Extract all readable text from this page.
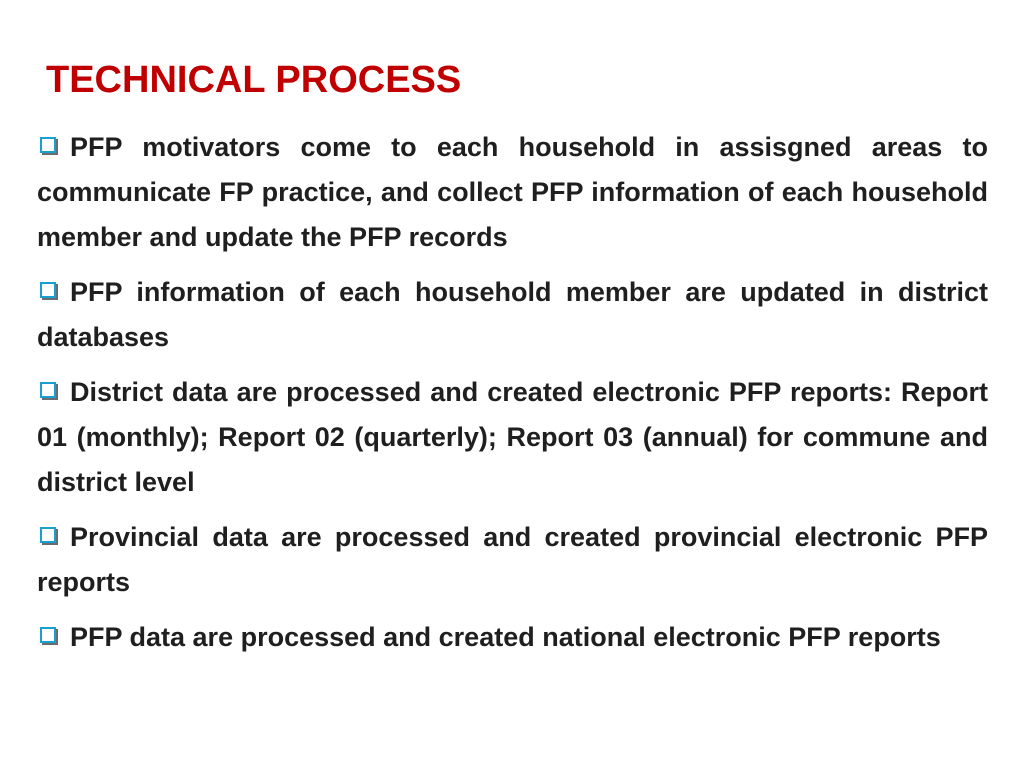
TECHNICAL PROCESS
PFP motivators come to each household in assisgned areas to communicate FP practice, and collect PFP information of each household member and update the PFP records
PFP information of each household member are updated in district databases
District data are processed and created electronic PFP reports: Report 01 (monthly); Report 02 (quarterly); Report 03 (annual) for commune and district level
Provincial data are processed and created provincial electronic PFP reports
PFP data are processed and created national electronic PFP reports
